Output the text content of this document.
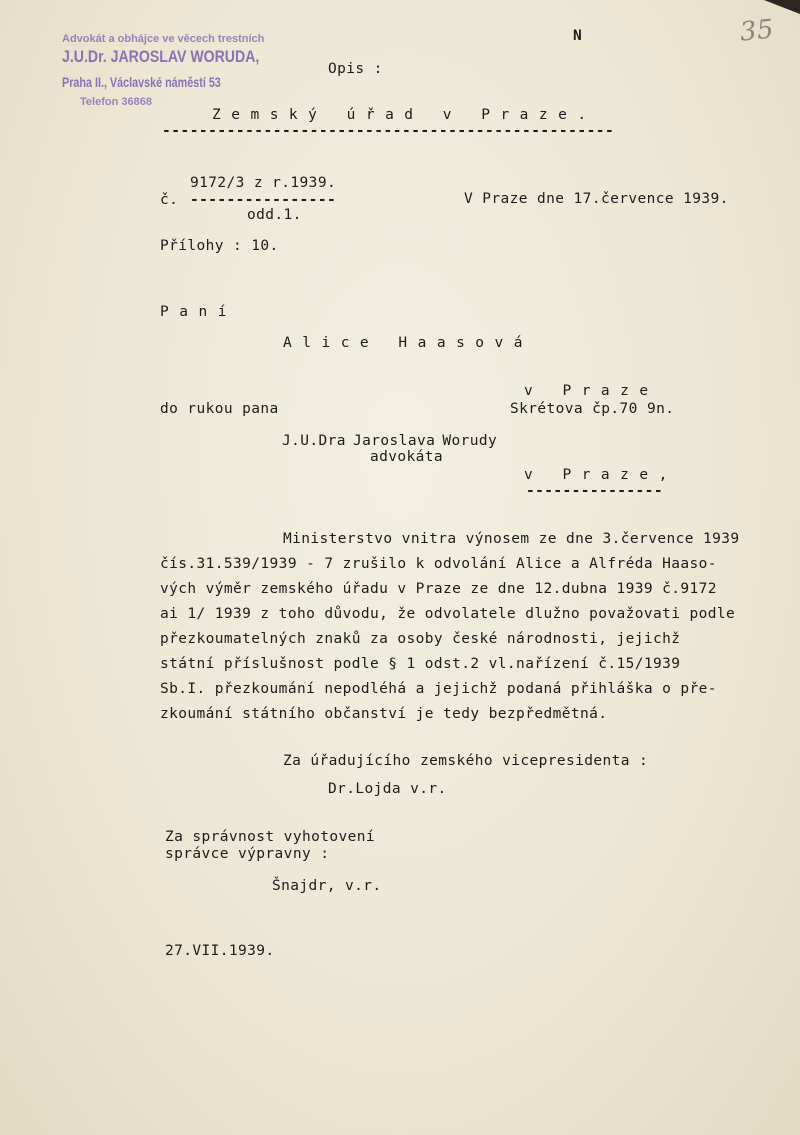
Advokát a obhájce ve věcech trestních
J.U.Dr. JAROSLAV WORUDA,
Praha II., Václavské náměstí 53
Telefon 36868
Opis :
N	35
Zemský úřad v Praze.
-------------------------------------------------
9172/3 z r.1939.
č. ----------------
odd.1.
V Praze dne 17.července 1939.
Přílohy : 10.
Paní
Alice Haasová
v Praze
do rukou pana	Skrétova čp.70 9n.
J.U.Dra Jaroslava Worudy
advokáta
v Praze,
---------------
Ministerstvo vnitra výnosem ze dne 3.července 1939
čís.31.539/1939 - 7 zrušilo k odvolání Alice a Alfréda Haaso-
vých výměr zemského úřadu v Praze ze dne 12.dubna 1939 č.9172
ai 1/ 1939 z toho důvodu, že odvolatele dlužno považovati podle
přezkoumatelných znaků za osoby české národnosti, jejichž
státní příslušnost podle § 1 odst.2 vl.nařízení č.15/1939
Sb.I. přezkoumání nepodléhá a jejichž podaná přihláška o pře-
zkoumání státního občanství je tedy bezpředmětná.
Za úřadujícího zemského vicepresidenta :
Dr.Lojda v.r.
Za správnost vyhotovení
správce výpravny :
Šnajdr, v.r.
27.VII.1939.
